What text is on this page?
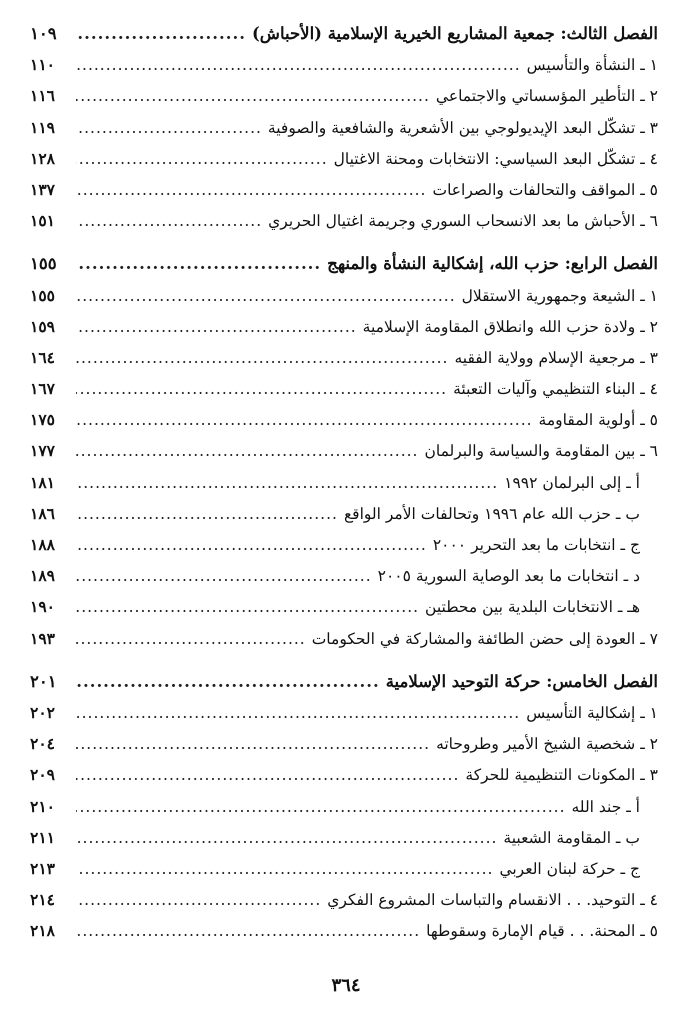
الفصل الثالث: جمعية المشاريع الخيرية الإسلامية (الأحباش)
.....
١٠٩
١ ـ النشأة والتأسيس
.....
١١٠
٢ ـ التأطير المؤسساتي والاجتماعي
.....
١١٦
٣ ـ تشكّل البعد الإيديولوجي بين الأشعرية والشافعية والصوفية
.....
١١٩
٤ ـ تشكّل البعد السياسي: الانتخابات ومحنة الاغتيال
.....
١٢٨
٥ ـ المواقف والتحالفات والصراعات
.....
١٣٧
٦ ـ الأحباش ما بعد الانسحاب السوري وجريمة اغتيال الحريري
.....
١٥١
الفصل الرابع: حزب الله، إشكالية النشأة والمنهج
.....
١٥٥
١ ـ الشيعة وجمهورية الاستقلال
.....
١٥٥
٢ ـ ولادة حزب الله وانطلاق المقاومة الإسلامية
.....
١٥٩
٣ ـ مرجعية الإسلام وولاية الفقيه
.....
١٦٤
٤ ـ البناء التنظيمي وآليات التعبئة
.....
١٦٧
٥ ـ أولوية المقاومة
.....
١٧٥
٦ ـ بين المقاومة والسياسة والبرلمان
.....
١٧٧
أ ـ إلى البرلمان ١٩٩٢
.....
١٨١
ب ـ حزب الله عام ١٩٩٦ وتحالفات الأمر الواقع
.....
١٨٦
ج ـ انتخابات ما بعد التحرير ٢٠٠٠
.....
١٨٨
د ـ انتخابات ما بعد الوصاية السورية ٢٠٠٥
.....
١٨٩
هـ ـ الانتخابات البلدية بين محطتين
.....
١٩٠
٧ ـ العودة إلى حضن الطائفة والمشاركة في الحكومات
.....
١٩٣
الفصل الخامس: حركة التوحيد الإسلامية
.....
٢٠١
١ ـ إشكالية التأسيس
.....
٢٠٢
٢ ـ شخصية الشيخ الأمير وطروحاته
.....
٢٠٤
٣ ـ المكونات التنظيمية للحركة
.....
٢٠٩
أ ـ جند الله
.....
٢١٠
ب ـ المقاومة الشعبية
.....
٢١١
ج ـ حركة لبنان العربي
.....
٢١٣
٤ ـ التوحيد. . . الانقسام والتباسات المشروع الفكري
.....
٢١٤
٥ ـ المحنة. . . قيام الإمارة وسقوطها
.....
٢١٨
٣٦٤
